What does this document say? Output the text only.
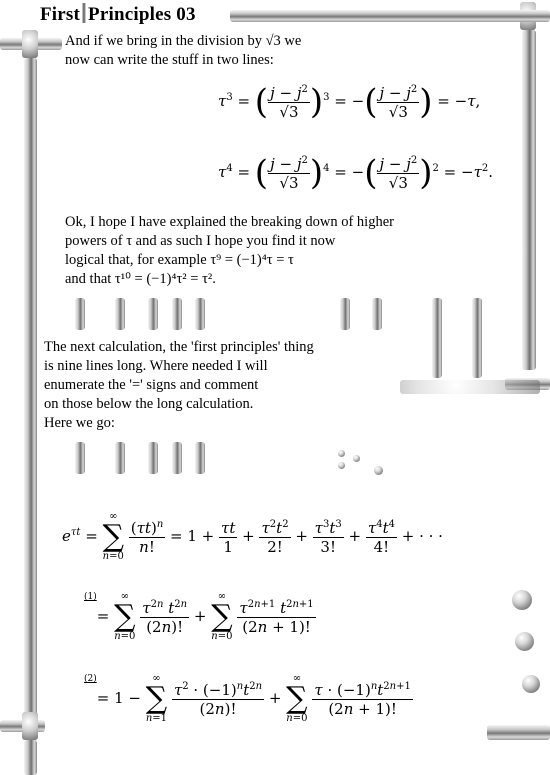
First Principles 03
And if we bring in the division by √3 we
now can write the stuff in two lines:
$\tau^3$ = ( $\frac{j - j^2}{√3} )^3$ = −( $\frac{j - j^2}{√3}$ ) = −τ,
$\tau^4$ = ( $\frac{j - j^2}{√3} )^4$ = −( $\frac{j - j^2}{√3} )^2 = -\tau^2$.
Ok, I hope I have explained the breaking down of higher
powers of τ and as such I hope you find it now
logical that, for example τ⁹ = (−1)⁴τ = τ
and that τ¹⁰ = (−1)⁴τ² = τ².
The next calculation, the 'first principles' thing
is nine lines long. Where needed I will
enumerate the '=' signs and comment
on those below the long calculation.
Here we go:
$e^{\tau t}$ =
∞
∑
n=0

$\frac{(\tau t)^n}{n!} = 1 + \frac{\tau t}{1} + \frac{\tau^2t^2}{2!} + \frac{\tau^3t^3}{3!} + \frac{\tau^4t^4}{4!}$ + · · ·
$^{(1)}$=
∞
∑
n=0

$\frac{\tau^{2n} t^{2n}}{(2n)!}$ +
∞
∑
n=0

$\frac{\tau^{2n+1} t^{2n+1}}{(2n + 1)!}$
$^{(2)}$= 1 −
∞
∑
n=1

$\frac{\tau^2 \cdot (-1)^nt^{2n}}{(2n)!}$ +
∞
∑
n=0

$\frac{\tau \cdot (-1)^nt^{2n+1}}{(2n + 1)!}$
